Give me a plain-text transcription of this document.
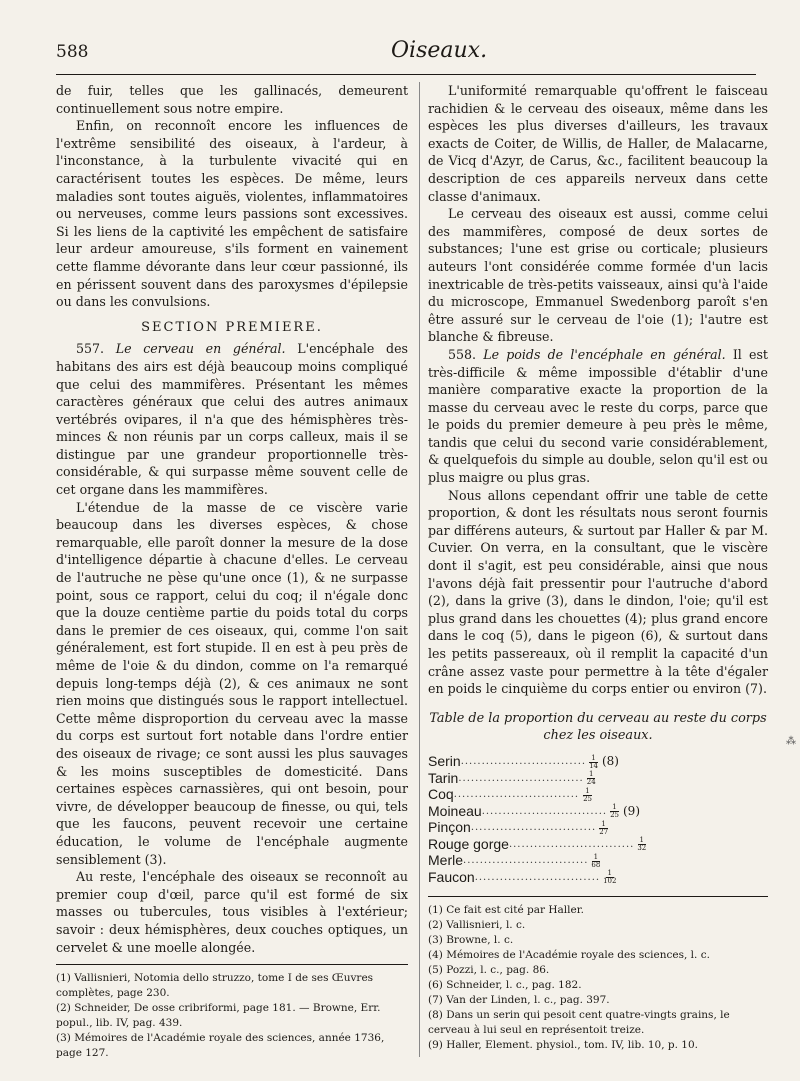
588	Oiseaux.

de fuir, telles que les gallinacés, demeurent continuellement sous notre empire.

Enfin, on reconnoît encore les influences de l'extrême sensibilité des oiseaux, à l'ardeur, à l'inconstance, à la turbulente vivacité qui en caractérisent toutes les espèces. De même, leurs maladies sont toutes aiguës, violentes, inflammatoires ou nerveuses, comme leurs passions sont excessives. Si les liens de la captivité les empêchent de satisfaire leur ardeur amoureuse, s'ils forment en vainement cette flamme dévorante dans leur cœur passionné, ils en périssent souvent dans des paroxysmes d'épilepsie ou dans les convulsions.

SECTION PREMIERE.

557. Le cerveau en général. L'encéphale des habitans des airs est déjà beaucoup moins compliqué que celui des mammifères. Présentant les mêmes caractères généraux que celui des autres animaux vertébrés ovipares, il n'a que des hémisphères très-minces & non réunis par un corps calleux, mais il se distingue par une grandeur proportionnelle très-considérable, & qui surpasse même souvent celle de cet organe dans les mammifères.

L'étendue de la masse de ce viscère varie beaucoup dans les diverses espèces, & chose remarquable, elle paroît donner la mesure de la dose d'intelligence départie à chacune d'elles. Le cerveau de l'autruche ne pèse qu'une once (1), & ne surpasse point, sous ce rapport, celui du coq; il n'égale donc que la douze centième partie du poids total du corps dans le premier de ces oiseaux, qui, comme l'on sait généralement, est fort stupide. Il en est à peu près de même de l'oie & du dindon, comme on l'a remarqué depuis long-temps déjà (2), & ces animaux ne sont rien moins que distingués sous le rapport intellectuel. Cette même disproportion du cerveau avec la masse du corps est surtout fort notable dans l'ordre entier des oiseaux de rivage; ce sont aussi les plus sauvages & les moins susceptibles de domesticité. Dans certaines espèces carnassières, qui ont besoin, pour vivre, de développer beaucoup de finesse, ou qui, tels que les faucons, peuvent recevoir une certaine éducation, le volume de l'encéphale augmente sensiblement (3).

Au reste, l'encéphale des oiseaux se reconnoît au premier coup d'œil, parce qu'il est formé de six masses ou tubercules, tous visibles à l'extérieur; savoir : deux hémisphères, deux couches optiques, un cervelet & une moelle alongée.

(1) Vallisnieri, Notomia dello struzzo, tome I de ses Œuvres complètes, page 230.

(2) Schneider, De osse cribriformi, page 181. — Browne, Err. popul., lib. IV, pag. 439.

(3) Mémoires de l'Académie royale des sciences, année 1736, page 127.

L'uniformité remarquable qu'offrent le faisceau rachidien & le cerveau des oiseaux, même dans les espèces les plus diverses d'ailleurs, les travaux exacts de Coiter, de Willis, de Haller, de Malacarne, de Vicq d'Azyr, de Carus, &c., facilitent beaucoup la description de ces appareils nerveux dans cette classe d'animaux.

Le cerveau des oiseaux est aussi, comme celui des mammifères, composé de deux sortes de substances; l'une est grise ou corticale; plusieurs auteurs l'ont considérée comme formée d'un lacis inextricable de très-petits vaisseaux, ainsi qu'à l'aide du microscope, Emmanuel Swedenborg paroît s'en être assuré sur le cerveau de l'oie (1); l'autre est blanche & fibreuse.

558. Le poids de l'encéphale en général. Il est très-difficile & même impossible d'établir d'une manière comparative exacte la proportion de la masse du cerveau avec le reste du corps, parce que le poids du premier demeure à peu près le même, tandis que celui du second varie considérablement, & quelquefois du simple au double, selon qu'il est ou plus maigre ou plus gras.

Nous allons cependant offrir une table de cette proportion, & dont les résultats nous seront fournis par différens auteurs, & surtout par Haller & par M. Cuvier. On verra, en la consultant, que le viscère dont il s'agit, est peu considérable, ainsi que nous l'avons déjà fait pressentir pour l'autruche d'abord (2), dans la grive (3), dans le dindon, l'oie; qu'il est plus grand dans les chouettes (4); plus grand encore dans le coq (5), dans le pigeon (6), & surtout dans les petits passereaux, où il remplit la capacité d'un crâne assez vaste pour permettre à la tête d'égaler en poids le cinquième du corps entier ou environ (7).

Table de la proportion du cerveau au reste du corps chez les oiseaux.

Serin .............................. $\frac{1}{14} (8)$
Tarin .............................. $\frac{1}{24}$
Coq .............................. $\frac{1}{25}$
Moineau .............................. $\frac{1}{25} (9)$
Pinçon .............................. $\frac{1}{27}$
Rouge gorge .............................. $\frac{1}{32}$
Merle .............................. $\frac{1}{68}$
Faucon .............................. $\frac{1}{102}$

(1) Ce fait est cité par Haller.

(2) Vallisnieri, l. c.

(3) Browne, l. c.

(4) Mémoires de l'Académie royale des sciences, l. c.

(5) Pozzi, l. c., pag. 86.

(6) Schneider, l. c., pag. 182.

(7) Van der Linden, l. c., pag. 397.

(8) Dans un serin qui pesoit cent quatre-vingts grains, le cerveau à lui seul en représentoit treize.

(9) Haller, Element. physiol., tom. IV, lib. 10, p. 10.

⁂
